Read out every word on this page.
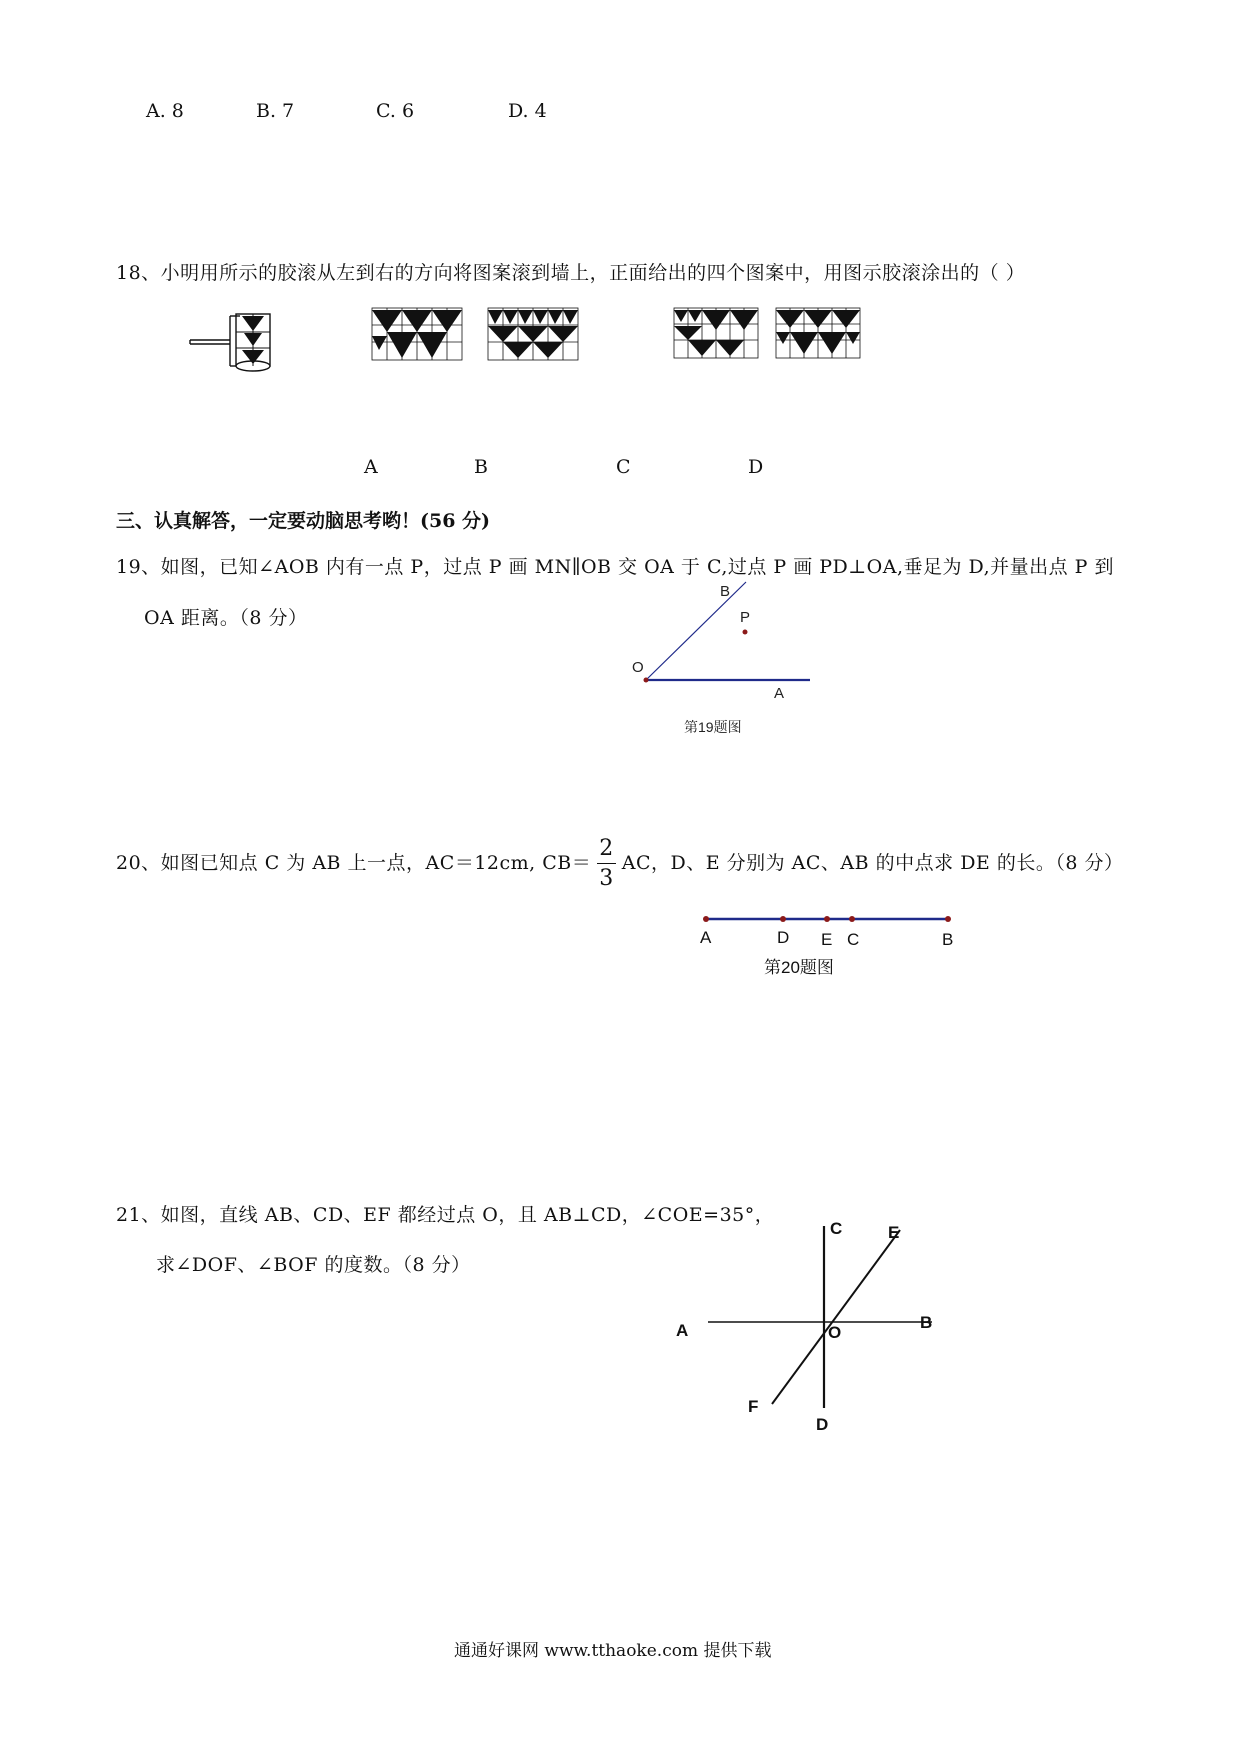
A. 8	B. 7	C. 6	D. 4
18、小明用所示的胶滚从左到右的方向将图案滚到墙上，正面给出的四个图案中，用图示胶滚涂出的（ ）
A	B	C	D
三、认真解答，一定要动脑思考哟！(56 分)
19、如图，已知∠AOB 内有一点 P，过点 P 画 MN∥OB 交 OA 于 C,过点 P 画 PD⊥OA,垂足为 D,并量出点 P 到
OA 距离。（8 分）
B
P
O
A
第19题图
20、如图已知点 C 为 AB 上一点，AC＝12cm, $CB= \frac{2}{3}$ AC，D、E 分别为 AC、AB 的中点求 DE 的长。（8 分）
A	D E C	B
第20题图
21、如图，直线 AB、CD、EF 都经过点 O，且 AB⊥CD，∠COE=35°，
求∠DOF、∠BOF 的度数。（8 分）
C	E
A	O
B
F
D
通通好课网 www.tthaoke.com 提供下载
